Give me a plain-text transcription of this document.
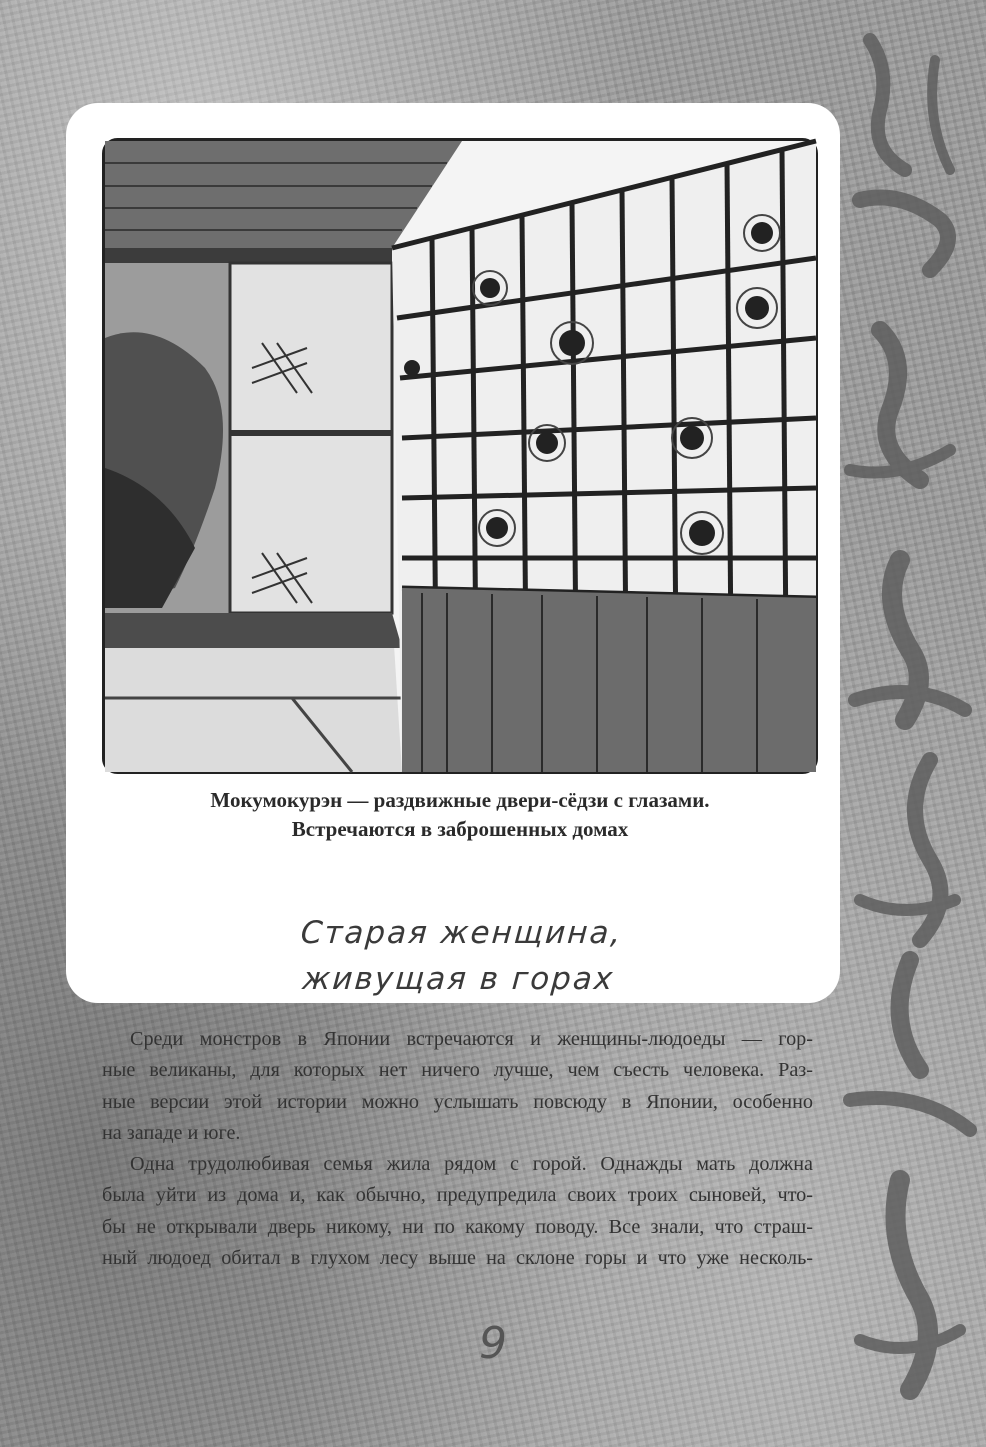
Мокумокурэн — раздвижные двери-сёдзи с глазами.
Встречаются в заброшенных домах
Старая женщина,
живущая в горах
Среди монстров в Японии встречаются и женщины-людоеды — гор-
ные великаны, для которых нет ничего лучше, чем съесть человека. Раз-
ные версии этой истории можно услышать повсюду в Японии, особенно
на западе и юге.
Одна трудолюбивая семья жила рядом с горой. Однажды мать должна
была уйти из дома и, как обычно, предупредила своих троих сыновей, что-
бы не открывали дверь никому, ни по какому поводу. Все знали, что страш-
ный людоед обитал в глухом лесу выше на склоне горы и что уже несколь-
9
